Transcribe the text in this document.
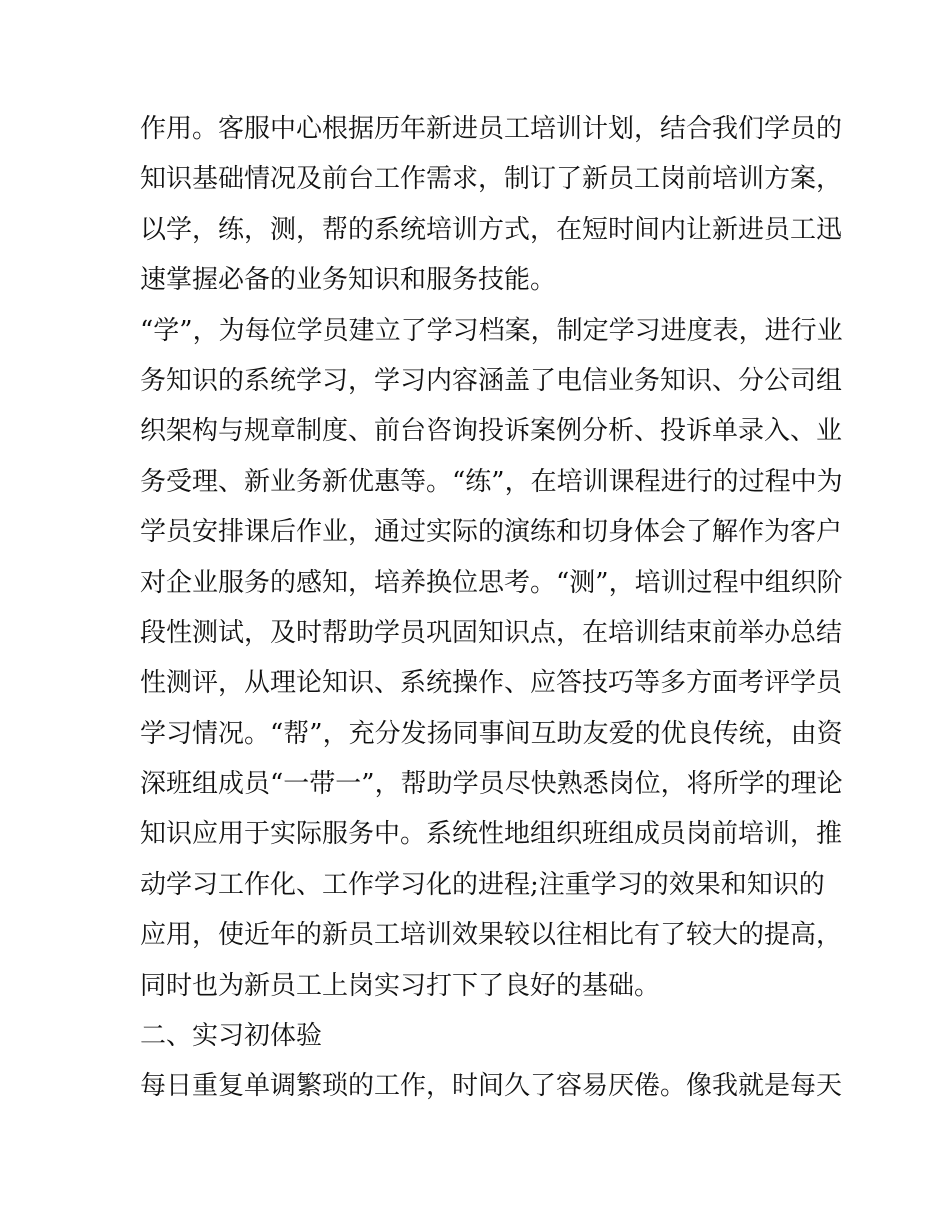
作用。客服中心根据历年新进员工培训计划，结合我们学员的
知识基础情况及前台工作需求，制订了新员工岗前培训方案，
以学，练，测，帮的系统培训方式，在短时间内让新进员工迅
速掌握必备的业务知识和服务技能。
“学”，为每位学员建立了学习档案，制定学习进度表，进行业
务知识的系统学习，学习内容涵盖了电信业务知识、分公司组
织架构与规章制度、前台咨询投诉案例分析、投诉单录入、业
务受理、新业务新优惠等。“练”，在培训课程进行的过程中为
学员安排课后作业，通过实际的演练和切身体会了解作为客户
对企业服务的感知，培养换位思考。“测”，培训过程中组织阶
段性测试，及时帮助学员巩固知识点，在培训结束前举办总结
性测评，从理论知识、系统操作、应答技巧等多方面考评学员
学习情况。“帮”，充分发扬同事间互助友爱的优良传统，由资
深班组成员“一带一”，帮助学员尽快熟悉岗位，将所学的理论
知识应用于实际服务中。系统性地组织班组成员岗前培训，推
动学习工作化、工作学习化的进程;注重学习的效果和知识的
应用，使近年的新员工培训效果较以往相比有了较大的提高，
同时也为新员工上岗实习打下了良好的基础。
二、实习初体验
每日重复单调繁琐的工作，时间久了容易厌倦。像我就是每天
